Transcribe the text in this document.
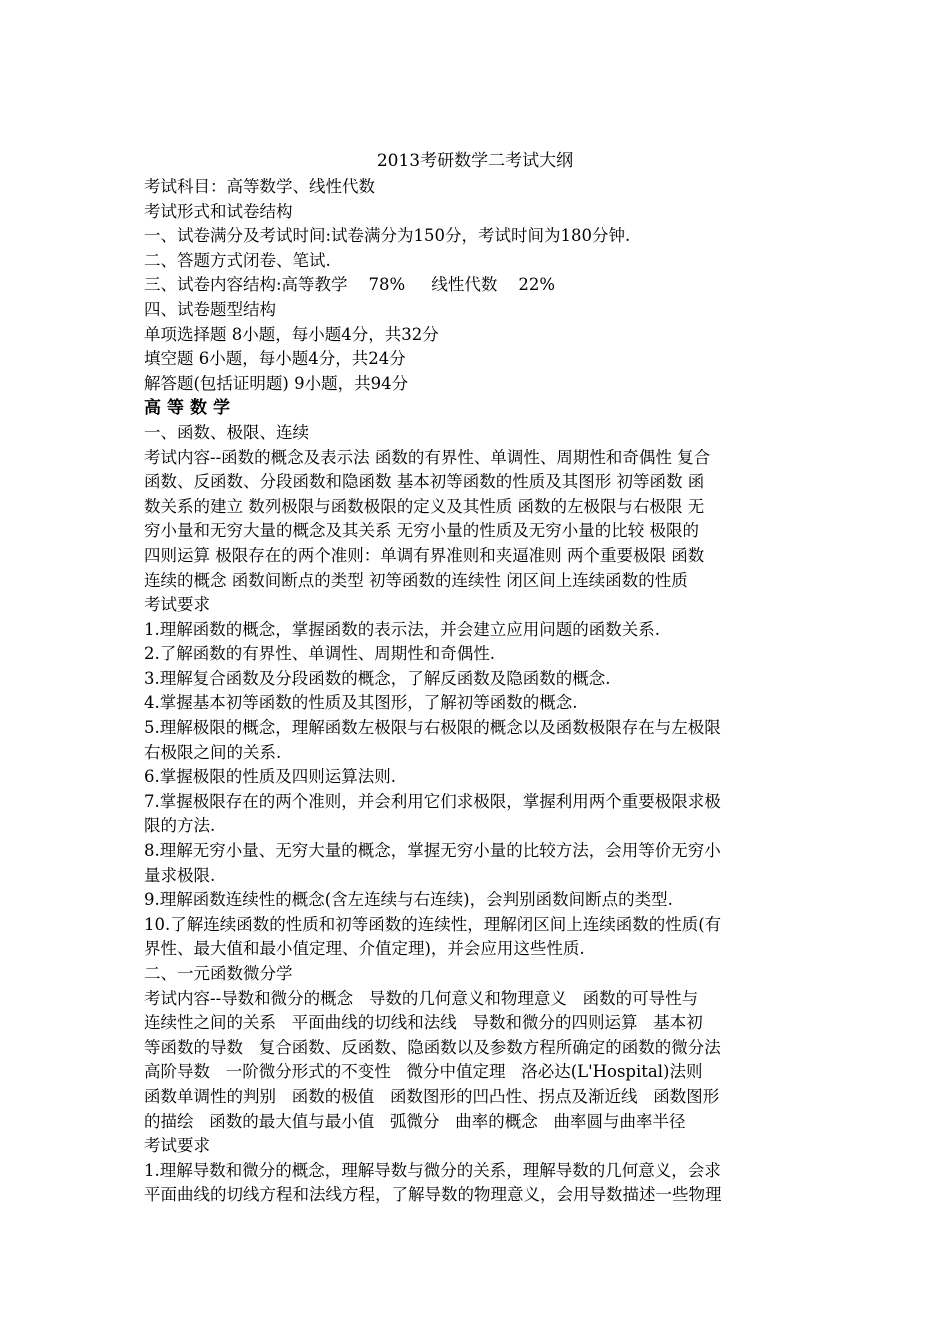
2013考研数学二考试大纲

考试科目：高等数学、线性代数

考试形式和试卷结构

一、试卷满分及考试时间:试卷满分为150分，考试时间为180分钟.

二、答题方式闭卷、笔试.

三、试卷内容结构:高等教学    78%     线性代数    22%

四、试卷题型结构

单项选择题 8小题，每小题4分，共32分

填空题 6小题，每小题4分，共24分

解答题(包括证明题) 9小题，共94分

高等数学

一、函数、极限、连续

考试内容--函数的概念及表示法 函数的有界性、单调性、周期性和奇偶性 复合

函数、反函数、分段函数和隐函数 基本初等函数的性质及其图形 初等函数 函

数关系的建立 数列极限与函数极限的定义及其性质 函数的左极限与右极限 无

穷小量和无穷大量的概念及其关系 无穷小量的性质及无穷小量的比较 极限的

四则运算 极限存在的两个准则：单调有界准则和夹逼准则 两个重要极限 函数

连续的概念 函数间断点的类型 初等函数的连续性 闭区间上连续函数的性质

考试要求

1.理解函数的概念，掌握函数的表示法，并会建立应用问题的函数关系.

2.了解函数的有界性、单调性、周期性和奇偶性.

3.理解复合函数及分段函数的概念，了解反函数及隐函数的概念.

4.掌握基本初等函数的性质及其图形，了解初等函数的概念.

5.理解极限的概念，理解函数左极限与右极限的概念以及函数极限存在与左极限

右极限之间的关系.

6.掌握极限的性质及四则运算法则.

7.掌握极限存在的两个准则，并会利用它们求极限，掌握利用两个重要极限求极

限的方法.

8.理解无穷小量、无穷大量的概念，掌握无穷小量的比较方法，会用等价无穷小

量求极限.

9.理解函数连续性的概念(含左连续与右连续)，会判别函数间断点的类型.

10.了解连续函数的性质和初等函数的连续性，理解闭区间上连续函数的性质(有

界性、最大值和最小值定理、介值定理)，并会应用这些性质.

二、一元函数微分学

考试内容--导数和微分的概念   导数的几何意义和物理意义   函数的可导性与

连续性之间的关系   平面曲线的切线和法线   导数和微分的四则运算   基本初

等函数的导数   复合函数、反函数、隐函数以及参数方程所确定的函数的微分法

高阶导数   一阶微分形式的不变性   微分中值定理   洛必达(L'Hospital)法则

函数单调性的判别   函数的极值   函数图形的凹凸性、拐点及渐近线   函数图形

的描绘   函数的最大值与最小值   弧微分   曲率的概念   曲率圆与曲率半径

考试要求

1.理解导数和微分的概念，理解导数与微分的关系，理解导数的几何意义，会求

平面曲线的切线方程和法线方程，了解导数的物理意义，会用导数描述一些物理
